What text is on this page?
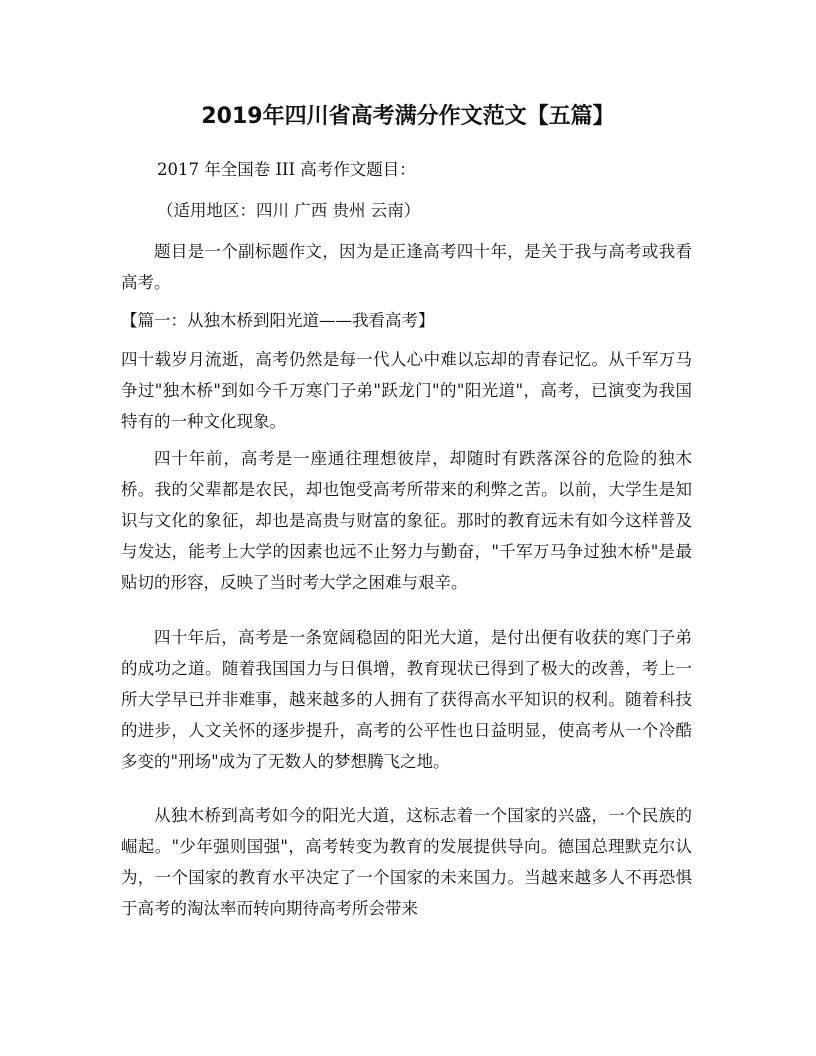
2019年四川省高考满分作文范文【五篇】

2017 年全国卷 III 高考作文题目：

（适用地区：四川 广西 贵州 云南）

题目是一个副标题作文，因为是正逢高考四十年，是关于我与高考或我看高考。

【篇一：从独木桥到阳光道——我看高考】

四十载岁月流逝，高考仍然是每一代人心中难以忘却的青春记忆。从千军万马争过"独木桥"到如今千万寒门子弟"跃龙门"的"阳光道"，高考，已演变为我国特有的一种文化现象。

四十年前，高考是一座通往理想彼岸，却随时有跌落深谷的危险的独木桥。我的父辈都是农民，却也饱受高考所带来的利弊之苦。以前，大学生是知识与文化的象征，却也是高贵与财富的象征。那时的教育远未有如今这样普及与发达，能考上大学的因素也远不止努力与勤奋，"千军万马争过独木桥"是最贴切的形容，反映了当时考大学之困难与艰辛。

四十年后，高考是一条宽阔稳固的阳光大道，是付出便有收获的寒门子弟的成功之道。随着我国国力与日俱增，教育现状已得到了极大的改善，考上一所大学早已并非难事，越来越多的人拥有了获得高水平知识的权利。随着科技的进步，人文关怀的逐步提升，高考的公平性也日益明显，使高考从一个冷酷多变的"刑场"成为了无数人的梦想腾飞之地。

从独木桥到高考如今的阳光大道，这标志着一个国家的兴盛，一个民族的崛起。"少年强则国强"，高考转变为教育的发展提供导向。德国总理默克尔认为，一个国家的教育水平决定了一个国家的未来国力。当越来越多人不再恐惧于高考的淘汰率而转向期待高考所会带来
